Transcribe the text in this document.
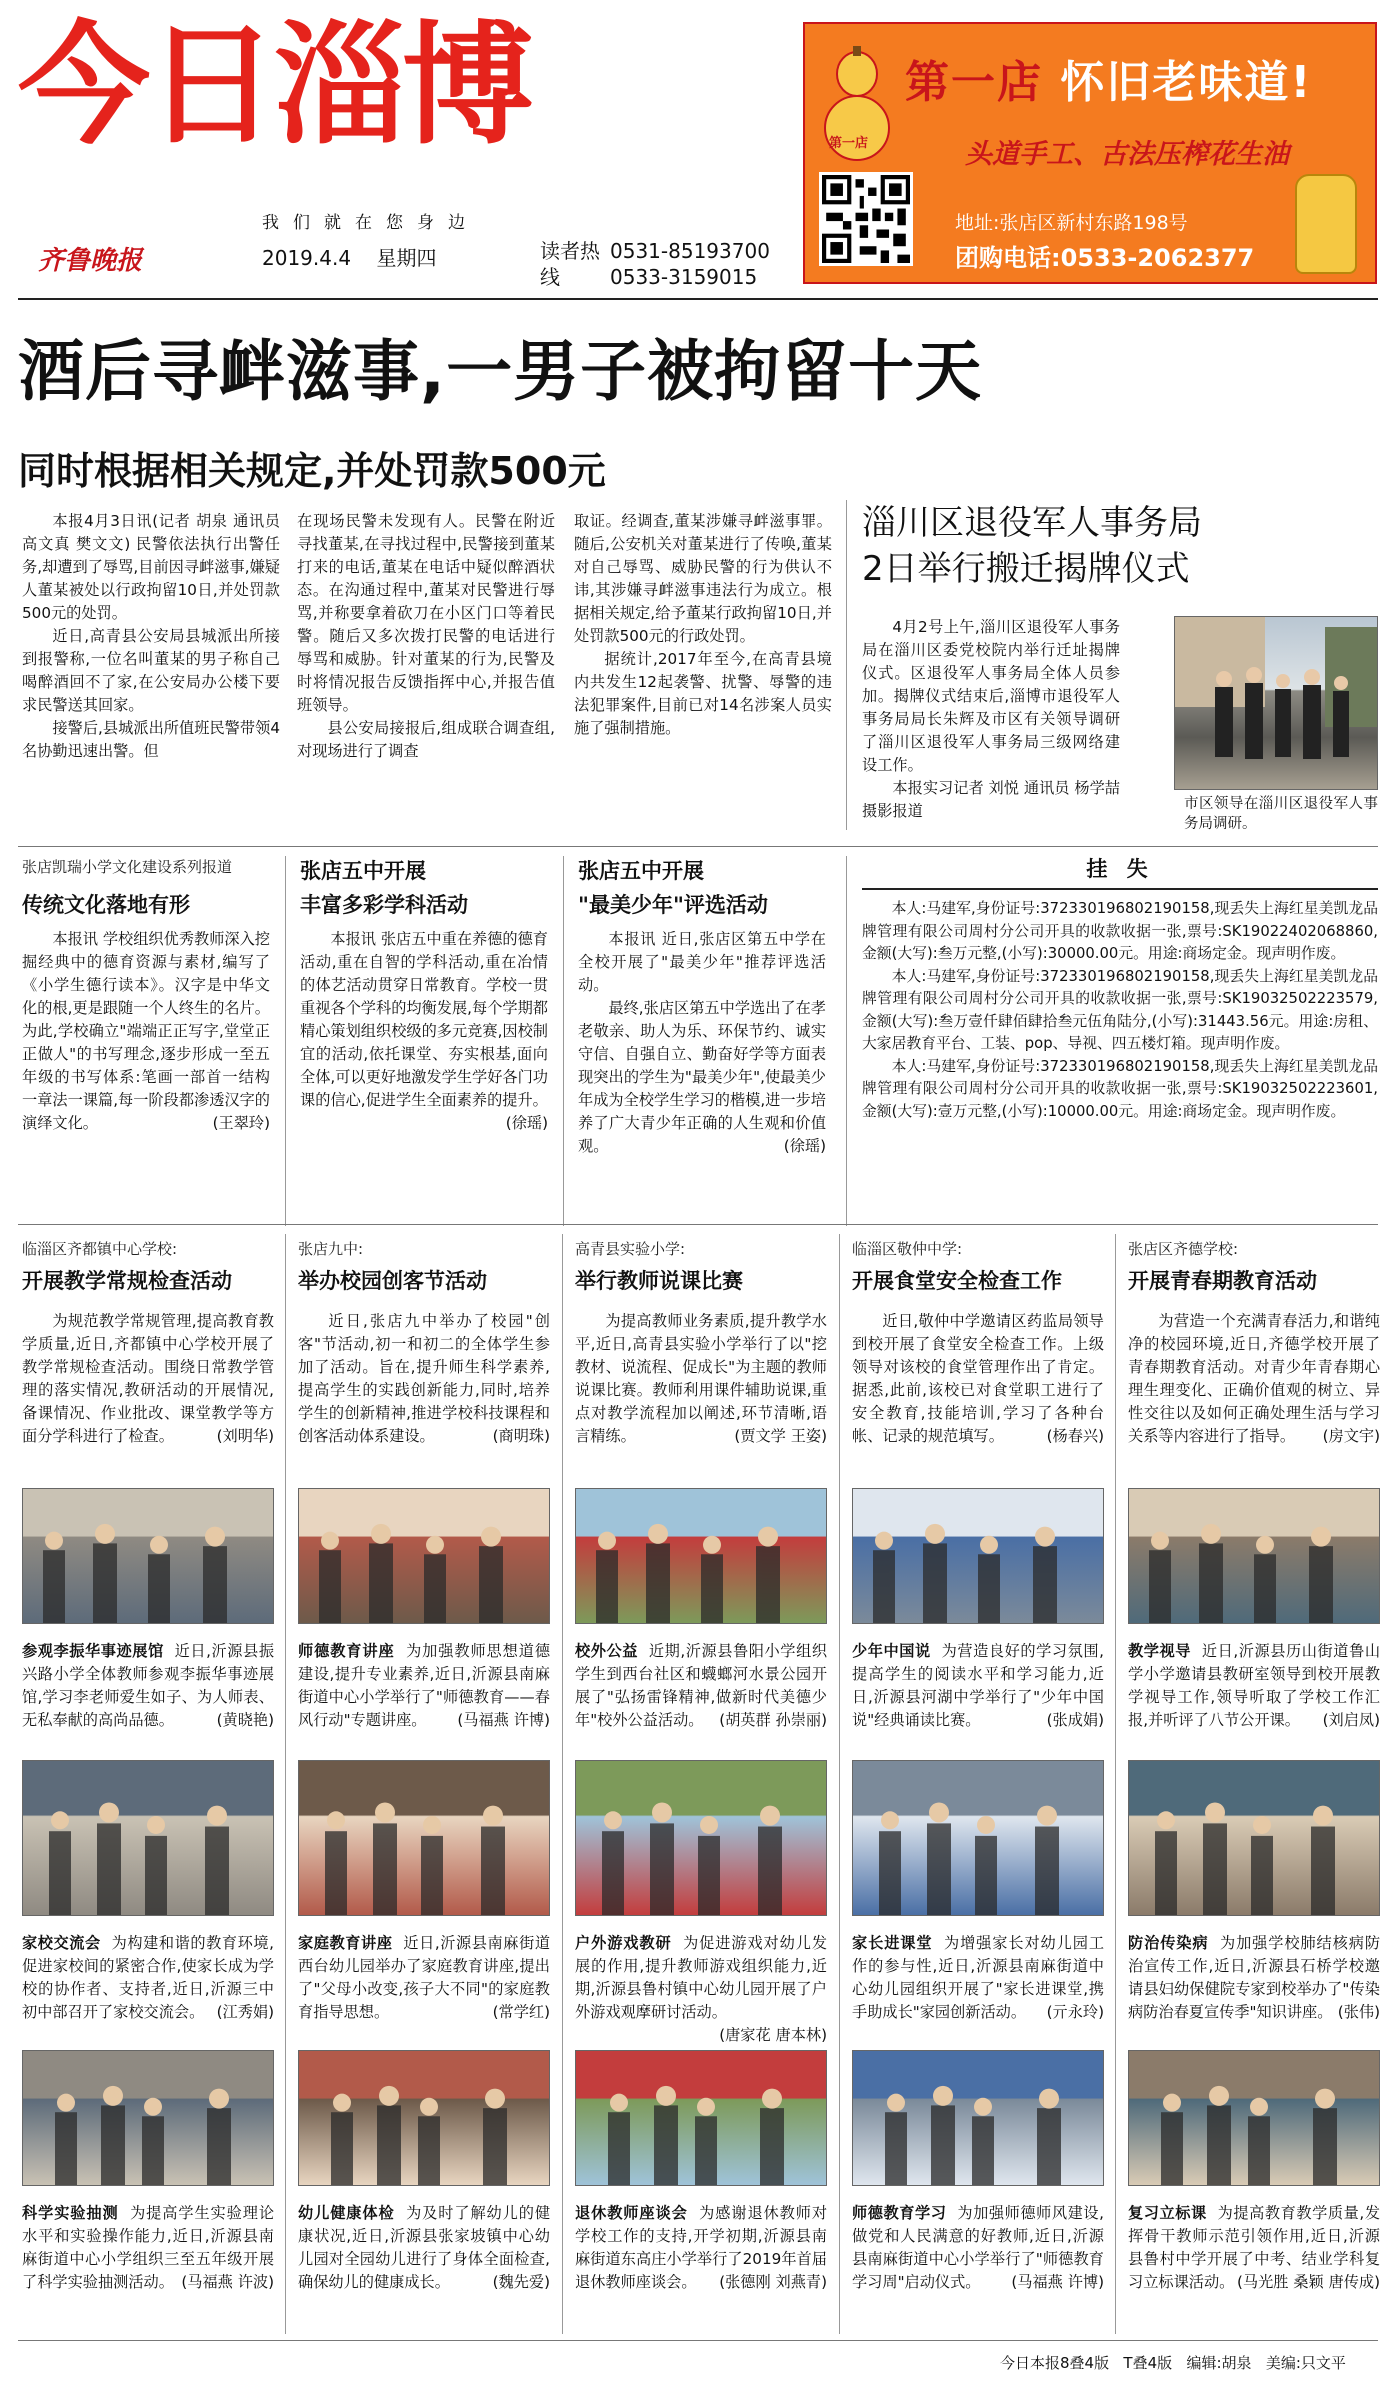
今日淄博
我们就在您身边
齐鲁晚报	2019.4.4 星期四	读者热线
0531-85193700
0533-3159015
第一店
第一店 怀旧老味道!
头道手工、古法压榨花生油
地址:张店区新村东路198号
团购电话:0533-2062377
酒后寻衅滋事,一男子被拘留十天
同时根据相关规定,并处罚款500元

本报4月3日讯(记者 胡泉 通讯员 高文真 樊文文) 民警依法执行出警任务,却遭到了辱骂,目前因寻衅滋事,嫌疑人董某被处以行政拘留10日,并处罚款500元的处罚。

近日,高青县公安局县城派出所接到报警称,一位名叫董某的男子称自己喝醉酒回不了家,在公安局办公楼下要求民警送其回家。

接警后,县城派出所值班民警带领4名协勤迅速出警。但

在现场民警未发现有人。民警在附近寻找董某,在寻找过程中,民警接到董某打来的电话,董某在电话中疑似醉酒状态。在沟通过程中,董某对民警进行辱骂,并称要拿着砍刀在小区门口等着民警。随后又多次拨打民警的电话进行辱骂和威胁。针对董某的行为,民警及时将情况报告反馈指挥中心,并报告值班领导。

县公安局接报后,组成联合调查组,对现场进行了调查

取证。经调查,董某涉嫌寻衅滋事罪。随后,公安机关对董某进行了传唤,董某对自己辱骂、威胁民警的行为供认不讳,其涉嫌寻衅滋事违法行为成立。根据相关规定,给予董某行政拘留10日,并处罚款500元的行政处罚。

据统计,2017年至今,在高青县境内共发生12起袭警、扰警、辱警的违法犯罪案件,目前已对14名涉案人员实施了强制措施。

淄川区退役军人事务局
2日举行搬迁揭牌仪式

4月2号上午,淄川区退役军人事务局在淄川区委党校院内举行迁址揭牌仪式。区退役军人事务局全体人员参加。揭牌仪式结束后,淄博市退役军人事务局局长朱辉及市区有关领导调研了淄川区退役军人事务局三级网络建设工作。

本报实习记者 刘悦 通讯员 杨学喆 摄影报道	市区领导在淄川区退役军人事务局调研。
张店凯瑞小学文化建设系列报道
传统文化落地有形

本报讯 学校组织优秀教师深入挖掘经典中的德育资源与素材,编写了《小学生德行读本》。汉字是中华文化的根,更是跟随一个人终生的名片。为此,学校确立"端端正正写字,堂堂正正做人"的书写理念,逐步形成一至五年级的书写体系:笔画一部首一结构一章法一课篇,每一阶段都渗透汉字的演绎文化。	(王翠玲)

张店五中开展
丰富多彩学科活动

本报讯 张店五中重在养德的德育活动,重在自智的学科活动,重在冶情的体艺活动贯穿日常教育。学校一贯重视各个学科的均衡发展,每个学期都精心策划组织校级的多元竞赛,因校制宜的活动,依托课堂、夯实根基,面向全体,可以更好地激发学生学好各门功课的信心,促进学生全面素养的提升。
(徐瑶)

张店五中开展
"最美少年"评选活动

本报讯 近日,张店区第五中学在全校开展了"最美少年"推荐评选活动。

最终,张店区第五中学选出了在孝老敬亲、助人为乐、环保节约、诚实守信、自强自立、勤奋好学等方面表现突出的学生为"最美少年",使最美少年成为全校学生学习的楷模,进一步培养了广大青少年正确的人生观和价值观。	(徐瑶)

挂 失

本人:马建军,身份证号:372330196802190158,现丢失上海红星美凯龙品牌管理有限公司周村分公司开具的收款收据一张,票号:SK19022402068860,金额(大写):叁万元整,(小写):30000.00元。用途:商场定金。现声明作废。

本人:马建军,身份证号:372330196802190158,现丢失上海红星美凯龙品牌管理有限公司周村分公司开具的收款收据一张,票号:SK19032502223579,金额(大写):叁万壹仟肆佰肆拾叁元伍角陆分,(小写):31443.56元。用途:房租、大家居教育平台、工装、pop、导视、四五楼灯箱。现声明作废。

本人:马建军,身份证号:372330196802190158,现丢失上海红星美凯龙品牌管理有限公司周村分公司开具的收款收据一张,票号:SK19032502223601,金额(大写):壹万元整,(小写):10000.00元。用途:商场定金。现声明作废。

临淄区齐都镇中心学校:
开展教学常规检查活动

为规范教学常规管理,提高教育教学质量,近日,齐都镇中心学校开展了教学常规检查活动。围绕日常教学管理的落实情况,教研活动的开展情况,备课情况、作业批改、课堂教学等方面分学科进行了检查。	(刘明华)

参观李振华事迹展馆 近日,沂源县振兴路小学全体教师参观李振华事迹展馆,学习李老师爱生如子、为人师表、无私奉献的高尚品德。	(黄晓艳)
家校交流会 为构建和谐的教育环境,促进家校间的紧密合作,使家长成为学校的协作者、支持者,近日,沂源三中初中部召开了家校交流会。 (江秀娟)
科学实验抽测 为提高学生实验理论水平和实验操作能力,近日,沂源县南麻街道中心小学组织三至五年级开展了科学实验抽测活动。 (马福燕 许波)
张店九中:
举办校园创客节活动

近日,张店九中举办了校园"创客"节活动,初一和初二的全体学生参加了活动。旨在,提升师生科学素养,提高学生的实践创新能力,同时,培养学生的创新精神,推进学校科技课程和创客活动体系建设。	(商明珠)

师德教育讲座 为加强教师思想道德建设,提升专业素养,近日,沂源县南麻街道中心小学举行了"师德教育——春风行动"专题讲座。 (马福燕 许博)
家庭教育讲座 近日,沂源县南麻街道西台幼儿园举办了家庭教育讲座,提出了"父母小改变,孩子大不同"的家庭教育指导思想。	(常学红)
幼儿健康体检 为及时了解幼儿的健康状况,近日,沂源县张家坡镇中心幼儿园对全园幼儿进行了身体全面检查,确保幼儿的健康成长。	(魏先爱)
高青县实验小学:
举行教师说课比赛

为提高教师业务素质,提升教学水平,近日,高青县实验小学举行了以"挖教材、说流程、促成长"为主题的教师说课比赛。教师利用课件辅助说课,重点对教学流程加以阐述,环节清晰,语言精练。	(贾文学 王姿)

校外公益 近期,沂源县鲁阳小学组织学生到西台社区和蠛螂河水景公园开展了"弘扬雷锋精神,做新时代美德少年"校外公益活动。 (胡英群 孙崇丽)
户外游戏教研 为促进游戏对幼儿发展的作用,提升教师游戏组织能力,近期,沂源县鲁村镇中心幼儿园开展了户外游戏观摩研讨活动。
(唐家花 唐本林)
退休教师座谈会 为感谢退休教师对学校工作的支持,开学初期,沂源县南麻街道东高庄小学举行了2019年首届退休教师座谈会。 (张德刚 刘燕青)
临淄区敬仲中学:
开展食堂安全检查工作

近日,敬仲中学邀请区药监局领导到校开展了食堂安全检查工作。上级领导对该校的食堂管理作出了肯定。据悉,此前,该校已对食堂职工进行了安全教育,技能培训,学习了各种台帐、记录的规范填写。	(杨春兴)

少年中国说 为营造良好的学习氛围,提高学生的阅读水平和学习能力,近日,沂源县河湖中学举行了"少年中国说"经典诵读比赛。	(张成娟)
家长进课堂 为增强家长对幼儿园工作的参与性,近日,沂源县南麻街道中心幼儿园组织开展了"家长进课堂,携手助成长"家园创新活动。 (亓永玲)
师德教育学习 为加强师德师风建设,做党和人民满意的好教师,近日,沂源县南麻街道中心小学举行了"师德教育学习周"启动仪式。 (马福燕 许博)
张店区齐德学校:
开展青春期教育活动

为营造一个充满青春活力,和谐纯净的校园环境,近日,齐德学校开展了青春期教育活动。对青少年青春期心理生理变化、正确价值观的树立、异性交往以及如何正确处理生活与学习关系等内容进行了指导。 (房文宇)

教学视导 近日,沂源县历山街道鲁山学小学邀请县教研室领导到校开展教学视导工作,领导听取了学校工作汇报,并听评了八节公开课。 (刘启凤)
防治传染病 为加强学校肺结核病防治宣传工作,近日,沂源县石桥学校邀请县妇幼保健院专家到校举办了"传染病防治春夏宣传季"知识讲座。 (张伟)
复习立标课 为提高教育教学质量,发挥骨干教师示范引领作用,近日,沂源县鲁村中学开展了中考、结业学科复习立标课活动。 (马光胜 桑颖 唐传成)
今日本报8叠4版 T叠4版 编辑:胡泉 美编:只文平
